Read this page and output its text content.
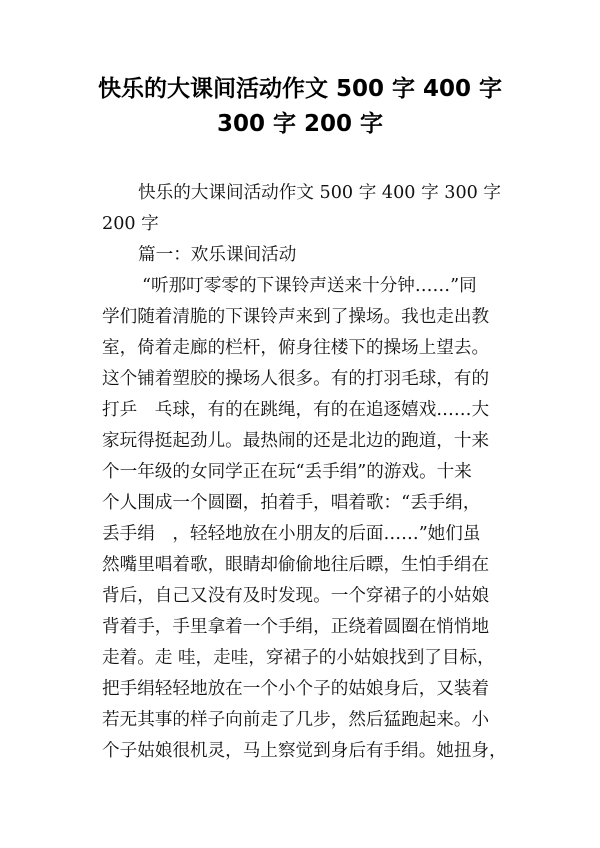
快乐的大课间活动作文 500 字 400 字
300 字 200 字
快乐的大课间活动作文 500 字 400 字 300 字
200 字
篇一：欢乐课间活动
“听那叮零零的下课铃声送来十分钟……”同
学们随着清脆的下课铃声来到了操场。我也走出教
室，倚着走廊的栏杆，俯身往楼下的操场上望去。
这个铺着塑胶的操场人很多。有的打羽毛球，有的
打乒　乓球，有的在跳绳，有的在追逐嬉戏……大
家玩得挺起劲儿。最热闹的还是北边的跑道，十来
个一年级的女同学正在玩“丢手绢”的游戏。十来
个人围成一个圆圈，拍着手，唱着歌：“丢手绢，
丢手绢　，轻轻地放在小朋友的后面……”她们虽
然嘴里唱着歌，眼睛却偷偷地往后瞟，生怕手绢在
背后，自己又没有及时发现。一个穿裙子的小姑娘
背着手，手里拿着一个手绢，正绕着圆圈在悄悄地
走着。走 哇，走哇，穿裙子的小姑娘找到了目标，
把手绢轻轻地放在一个小个子的姑娘身后，又装着
若无其事的样子向前走了几步，然后猛跑起来。小
个子姑娘很机灵，马上察觉到身后有手绢。她扭身，
